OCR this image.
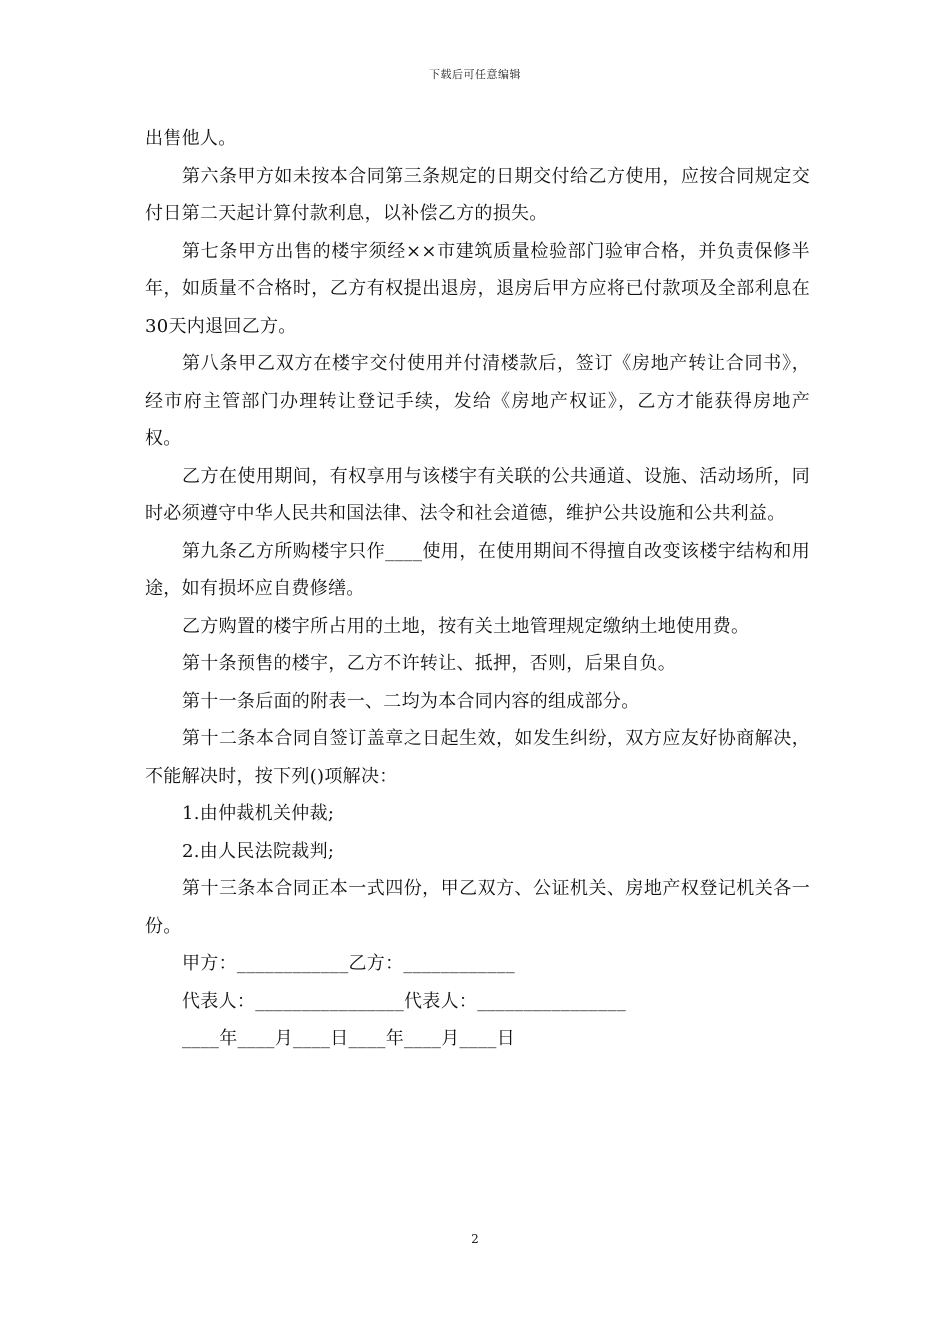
下载后可任意编辑

出售他人。

第六条甲方如未按本合同第三条规定的日期交付给乙方使用，应按合同规定交付日第二天起计算付款利息，以补偿乙方的损失。

第七条甲方出售的楼宇须经××市建筑质量检验部门验审合格，并负责保修半年，如质量不合格时，乙方有权提出退房，退房后甲方应将已付款项及全部利息在30天内退回乙方。

第八条甲乙双方在楼宇交付使用并付清楼款后，签订《房地产转让合同书》，经市府主管部门办理转让登记手续，发给《房地产权证》，乙方才能获得房地产权。

乙方在使用期间，有权享用与该楼宇有关联的公共通道、设施、活动场所，同时必须遵守中华人民共和国法律、法令和社会道德，维护公共设施和公共利益。

第九条乙方所购楼宇只作____使用，在使用期间不得擅自改变该楼宇结构和用途，如有损坏应自费修缮。

乙方购置的楼宇所占用的土地，按有关土地管理规定缴纳土地使用费。

第十条预售的楼宇，乙方不许转让、抵押，否则，后果自负。

第十一条后面的附表一、二均为本合同内容的组成部分。

第十二条本合同自签订盖章之日起生效，如发生纠纷，双方应友好协商解决，不能解决时，按下列()项解决：

1.由仲裁机关仲裁;

2.由人民法院裁判;

第十三条本合同正本一式四份，甲乙双方、公证机关、房地产权登记机关各一份。

甲方：____________乙方：____________

代表人：________________代表人：________________

____年____月____日____年____月____日

2
